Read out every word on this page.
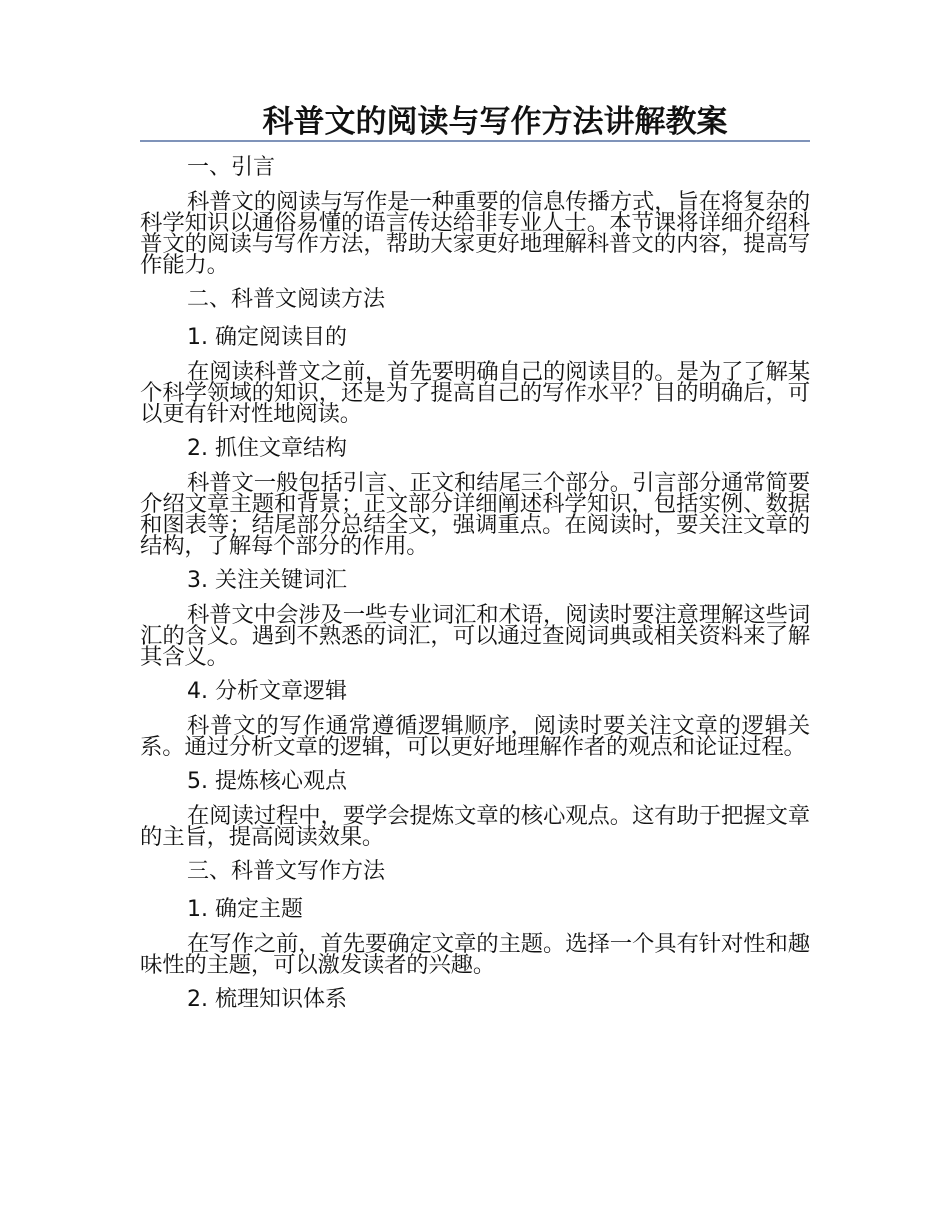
科普文的阅读与写作方法讲解教案
一、引言

科普文的阅读与写作是一种重要的信息传播方式，旨在将复杂的科学知识以通俗易懂的语言传达给非专业人士。本节课将详细介绍科普文的阅读与写作方法，帮助大家更好地理解科普文的内容，提高写作能力。

二、科普文阅读方法
1. 确定阅读目的

在阅读科普文之前，首先要明确自己的阅读目的。是为了了解某个科学领域的知识，还是为了提高自己的写作水平？目的明确后，可以更有针对性地阅读。

2. 抓住文章结构

科普文一般包括引言、正文和结尾三个部分。引言部分通常简要介绍文章主题和背景；正文部分详细阐述科学知识，包括实例、数据和图表等；结尾部分总结全文，强调重点。在阅读时，要关注文章的结构，了解每个部分的作用。

3. 关注关键词汇

科普文中会涉及一些专业词汇和术语，阅读时要注意理解这些词汇的含义。遇到不熟悉的词汇，可以通过查阅词典或相关资料来了解其含义。

4. 分析文章逻辑

科普文的写作通常遵循逻辑顺序，阅读时要关注文章的逻辑关系。通过分析文章的逻辑，可以更好地理解作者的观点和论证过程。

5. 提炼核心观点

在阅读过程中，要学会提炼文章的核心观点。这有助于把握文章的主旨，提高阅读效果。

三、科普文写作方法
1. 确定主题

在写作之前，首先要确定文章的主题。选择一个具有针对性和趣味性的主题，可以激发读者的兴趣。

2. 梳理知识体系
